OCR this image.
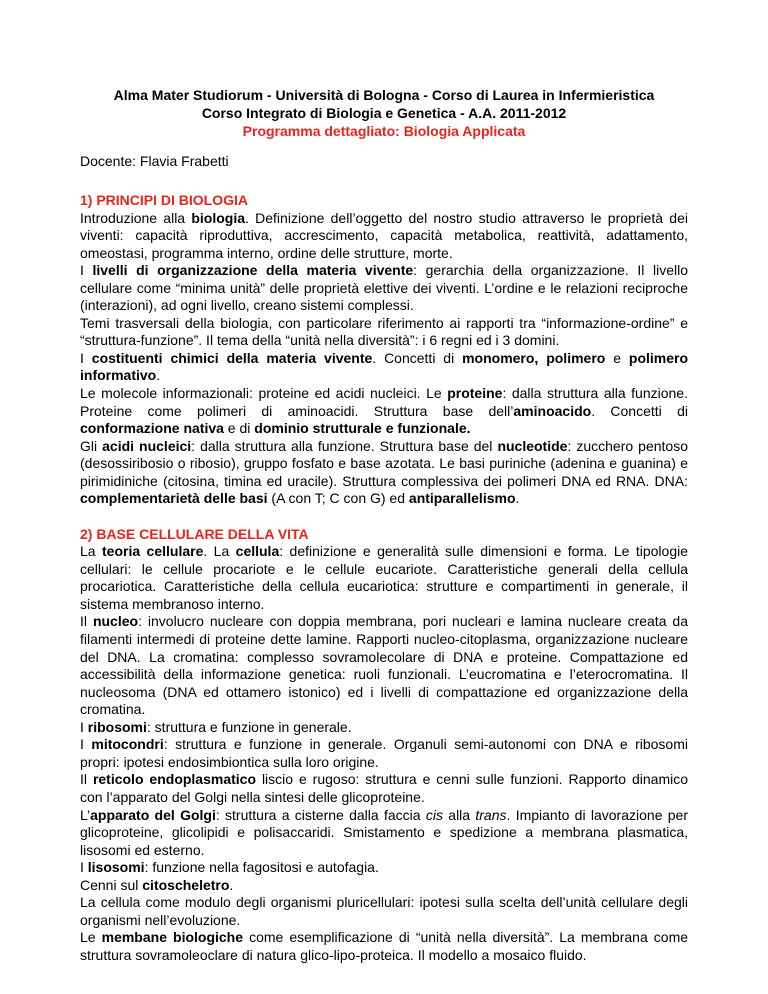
Alma Mater Studiorum - Università di Bologna - Corso di Laurea in Infermieristica
Corso Integrato di Biologia e Genetica - A.A. 2011-2012
Programma dettagliato: Biologia Applicata
Docente: Flavia Frabetti
1) PRINCIPI DI BIOLOGIA

Introduzione alla biologia. Definizione dell’oggetto del nostro studio attraverso le proprietà dei viventi: capacità riproduttiva, accrescimento, capacità metabolica, reattività, adattamento, omeostasi, programma interno, ordine delle strutture, morte.

I livelli di organizzazione della materia vivente: gerarchia della organizzazione. Il livello cellulare come “minima unità” delle proprietà elettive dei viventi. L’ordine e le relazioni reciproche (interazioni), ad ogni livello, creano sistemi complessi.

Temi trasversali della biologia, con particolare riferimento ai rapporti tra “informazione-ordine” e “struttura-funzione”. Il tema della “unità nella diversità”: i 6 regni ed i 3 domini.

I costituenti chimici della materia vivente. Concetti di monomero, polimero e polimero informativo.

Le molecole informazionali: proteine ed acidi nucleici. Le proteine: dalla struttura alla funzione. Proteine come polimeri di aminoacidi. Struttura base dell’aminoacido. Concetti di conformazione nativa e di dominio strutturale e funzionale.

Gli acidi nucleici: dalla struttura alla funzione. Struttura base del nucleotide: zucchero pentoso (desossiribosio o ribosio), gruppo fosfato e base azotata. Le basi puriniche (adenina e guanina) e pirimidiniche (citosina, timina ed uracile). Struttura complessiva dei polimeri DNA ed RNA. DNA: complementarietà delle basi (A con T; C con G) ed antiparallelismo.

2) BASE CELLULARE DELLA VITA

La teoria cellulare. La cellula: definizione e generalità sulle dimensioni e forma. Le tipologie cellulari: le cellule procariote e le cellule eucariote. Caratteristiche generali della cellula procariotica. Caratteristiche della cellula eucariotica: strutture e compartimenti in generale, il sistema membranoso interno.

Il nucleo: involucro nucleare con doppia membrana, pori nucleari e lamina nucleare creata da filamenti intermedi di proteine dette lamine. Rapporti nucleo-citoplasma, organizzazione nucleare del DNA. La cromatina: complesso sovramolecolare di DNA e proteine. Compattazione ed accessibilità della informazione genetica: ruoli funzionali. L’eucromatina e l’eterocromatina. Il nucleosoma (DNA ed ottamero istonico) ed i livelli di compattazione ed organizzazione della cromatina.

I ribosomi: struttura e funzione in generale.

I mitocondri: struttura e funzione in generale. Organuli semi-autonomi con DNA e ribosomi propri: ipotesi endosimbiontica sulla loro origine.

Il reticolo endoplasmatico liscio e rugoso: struttura e cenni sulle funzioni. Rapporto dinamico con l’apparato del Golgi nella sintesi delle glicoproteine.

L’apparato del Golgi: struttura a cisterne dalla faccia cis alla trans. Impianto di lavorazione per glicoproteine, glicolipidi e polisaccaridi. Smistamento e spedizione a membrana plasmatica, lisosomi ed esterno.

I lisosomi: funzione nella fagositosi e autofagia.

Cenni sul citoscheletro.

La cellula come modulo degli organismi pluricellulari: ipotesi sulla scelta dell’unità cellulare degli organismi nell’evoluzione.

Le membane biologiche come esemplificazione di “unità nella diversità”. La membrana come struttura sovramoleoclare di natura glico-lipo-proteica. Il modello a mosaico fluido.
